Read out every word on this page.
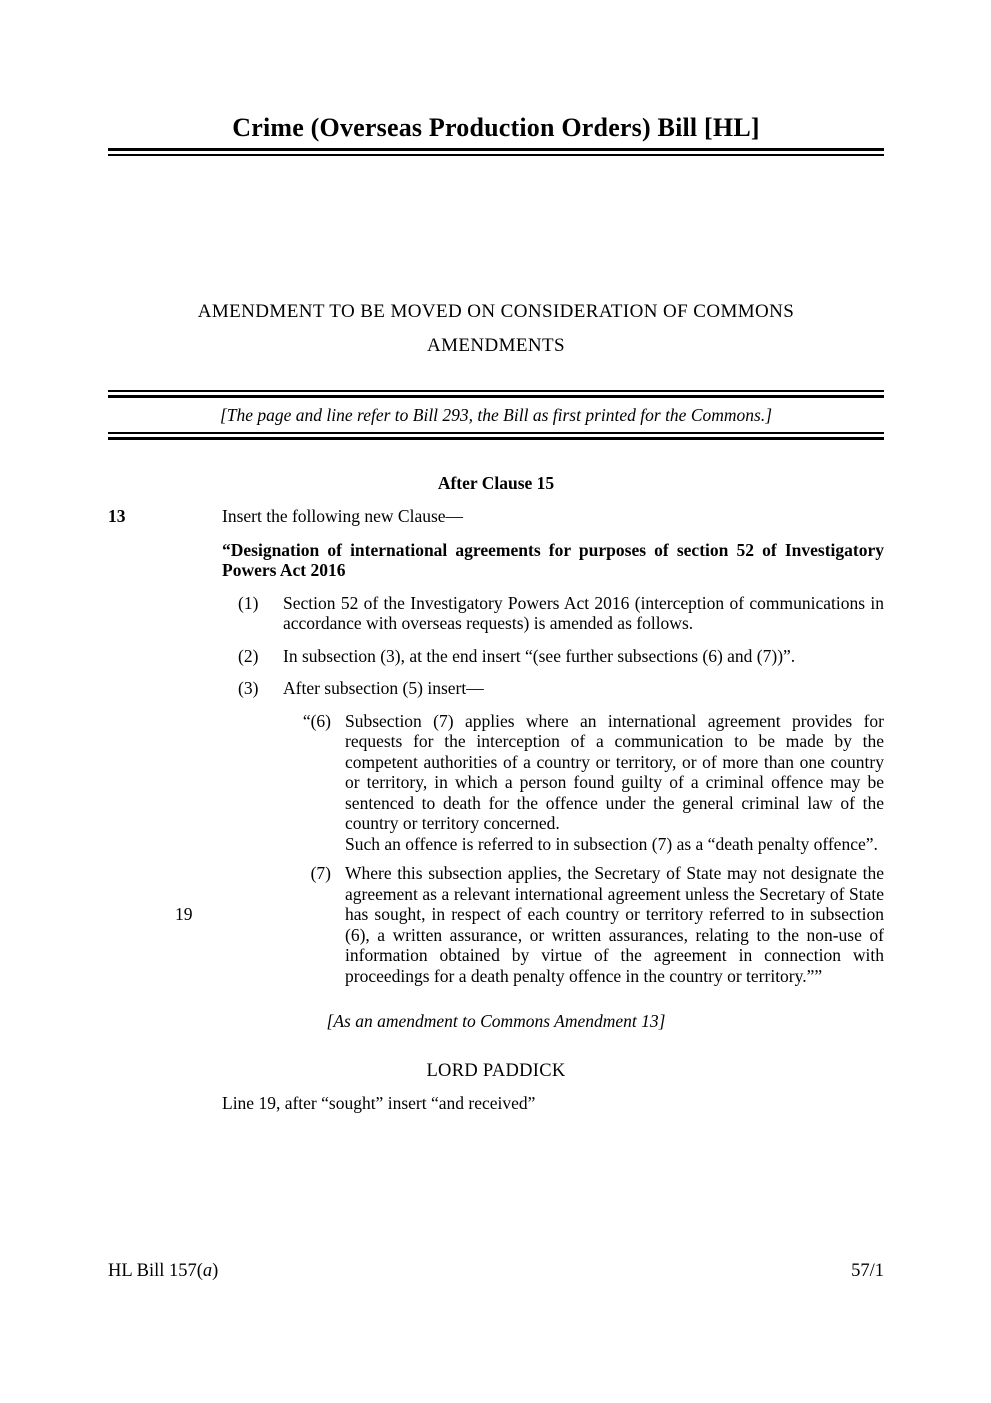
Crime (Overseas Production Orders) Bill [HL]
AMENDMENT TO BE MOVED ON CONSIDERATION OF COMMONS
AMENDMENTS
[The page and line refer to Bill 293, the Bill as first printed for the Commons.]
After Clause 15
13	Insert the following new Clause—
“Designation of international agreements for purposes of section 52 of Investigatory Powers Act 2016
(1)	Section 52 of the Investigatory Powers Act 2016 (interception of communications in accordance with overseas requests) is amended as follows.
(2)	In subsection (3), at the end insert “(see further subsections (6) and (7))”.
(3)	After subsection (5) insert—
“(6) Subsection (7) applies where an international agreement provides for requests for the interception of a communication to be made by the competent authorities of a country or territory, or of more than one country or territory, in which a person found guilty of a criminal offence may be sentenced to death for the offence under the general criminal law of the country or territory concerned.

Such an offence is referred to in subsection (7) as a “death penalty offence”.

19
(7) Where this subsection applies, the Secretary of State may not designate the agreement as a relevant international agreement unless the Secretary of State has sought, in respect of each country or territory referred to in subsection (6), a written assurance, or written assurances, relating to the non-use of information obtained by virtue of the agreement in connection with proceedings for a death penalty offence in the country or territory.””

[As an amendment to Commons Amendment 13]
LORD PADDICK
Line 19, after “sought” insert “and received”
HL Bill 157(a)	57/1
